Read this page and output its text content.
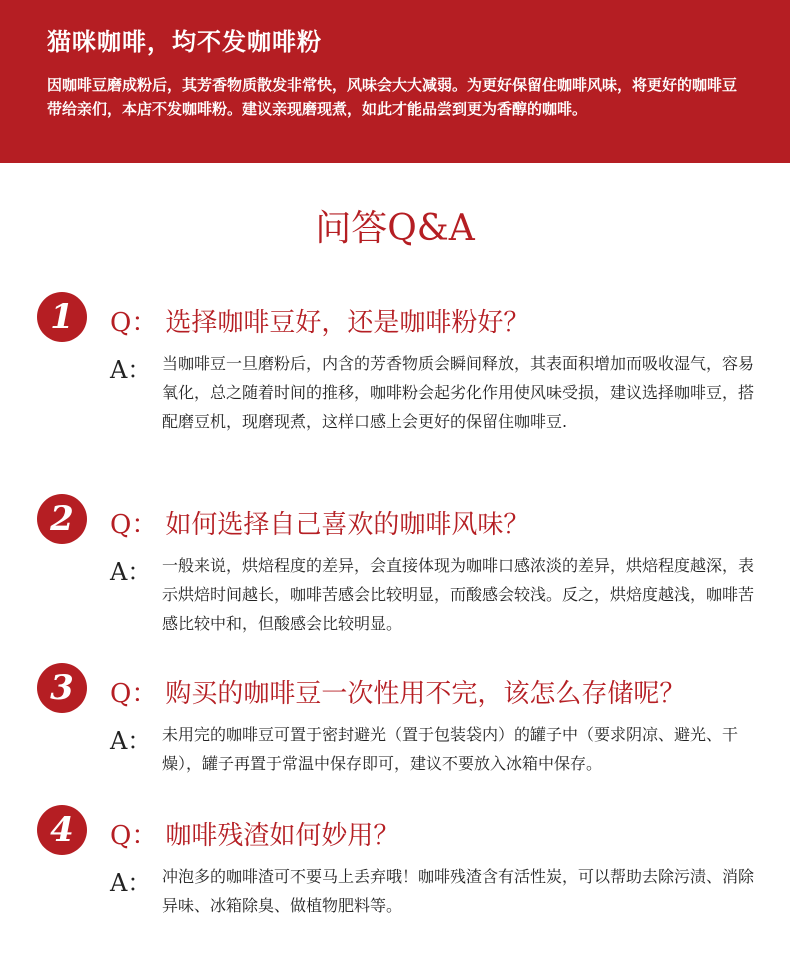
猫咪咖啡，均不发咖啡粉

因咖啡豆磨成粉后，其芳香物质散发非常快，风味会大大减弱。为更好保留住咖啡风味，将更好的咖啡豆带给亲们，本店不发咖啡粉。建议亲现磨现煮，如此才能品尝到更为香醇的咖啡。

问答Q&A
1	Q： 选择咖啡豆好，还是咖啡粉好？
A： 当咖啡豆一旦磨粉后，内含的芳香物质会瞬间释放，其表面积增加而吸收湿气，容易氧化，总之随着时间的推移，咖啡粉会起劣化作用使风味受损，建议选择咖啡豆，搭配磨豆机，现磨现煮，这样口感上会更好的保留住咖啡豆.

2	Q： 如何选择自己喜欢的咖啡风味？
A： 一般来说，烘焙程度的差异，会直接体现为咖啡口感浓淡的差异，烘焙程度越深，表示烘焙时间越长，咖啡苦感会比较明显，而酸感会较浅。反之，烘焙度越浅，咖啡苦感比较中和，但酸感会比较明显。

3	Q： 购买的咖啡豆一次性用不完，该怎么存储呢？
A： 未用完的咖啡豆可置于密封避光（置于包装袋内）的罐子中（要求阴凉、避光、干燥），罐子再置于常温中保存即可，建议不要放入冰箱中保存。

4	Q： 咖啡残渣如何妙用？
A： 冲泡多的咖啡渣可不要马上丢弃哦！咖啡残渣含有活性炭，可以帮助去除污渍、消除异味、冰箱除臭、做植物肥料等。
